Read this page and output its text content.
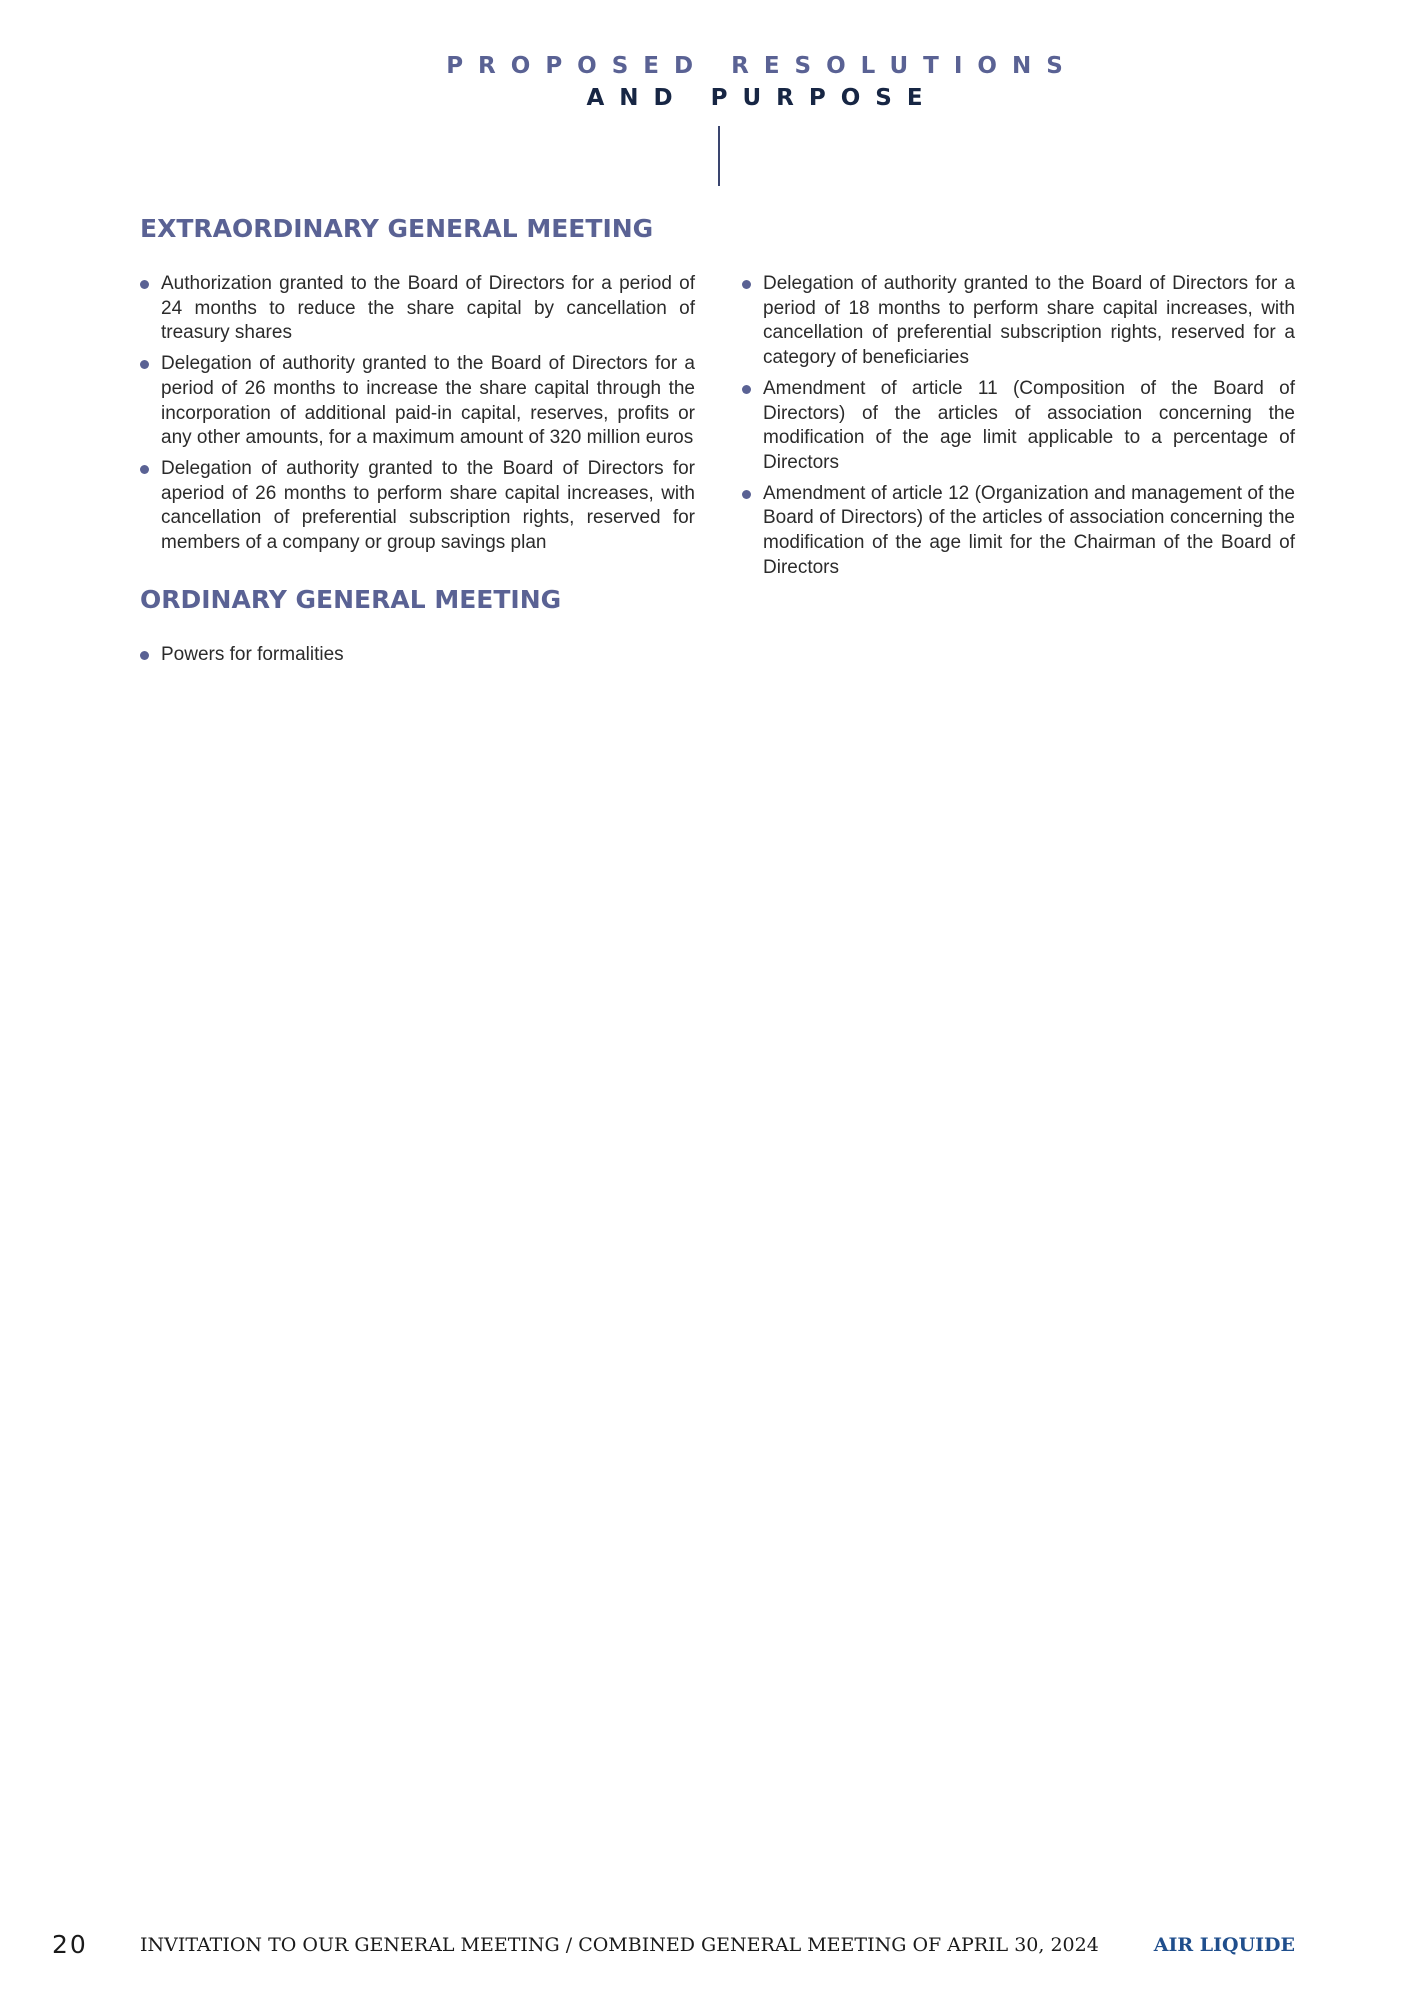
PROPOSED RESOLUTIONS
AND PURPOSE
EXTRAORDINARY GENERAL MEETING
Authorization granted to the Board of Directors for a period of 24 months to reduce the share capital by cancellation of treasury shares
Delegation of authority granted to the Board of Directors for a period of 26 months to increase the share capital through the incorporation of additional paid-in capital, reserves, profits or any other amounts, for a maximum amount of 320 million euros
Delegation of authority granted to the Board of Directors for aperiod of 26 months to perform share capital increases, with cancellation of preferential subscription rights, reserved for members of a company or group savings plan
Delegation of authority granted to the Board of Directors for a period of 18 months to perform share capital increases, with cancellation of preferential subscription rights, reserved for a category of beneficiaries
Amendment of article 11 (Composition of the Board of Directors) of the articles of association concerning the modification of the age limit applicable to a percentage of Directors
Amendment of article 12 (Organization and management of the Board of Directors) of the articles of association concerning the modification of the age limit for the Chairman of the Board of Directors
ORDINARY GENERAL MEETING
Powers for formalities
20	INVITATION TO OUR GENERAL MEETING / COMBINED GENERAL MEETING OF APRIL 30, 2024	AIR LIQUIDE
